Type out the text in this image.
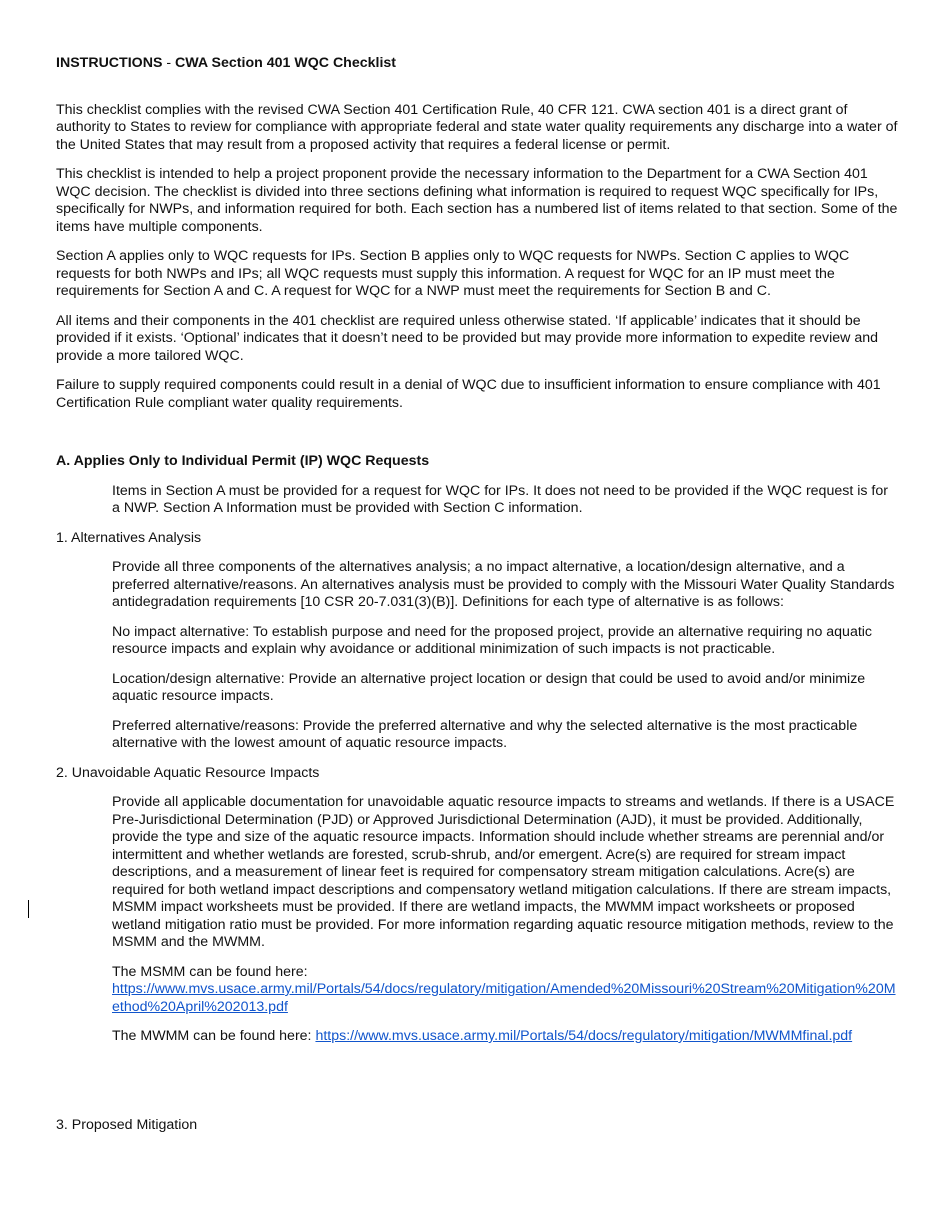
INSTRUCTIONS - CWA Section 401 WQC Checklist

This checklist complies with the revised CWA Section 401 Certification Rule, 40 CFR 121. CWA section 401 is a direct grant of authority to States to review for compliance with appropriate federal and state water quality requirements any discharge into a water of the United States that may result from a proposed activity that requires a federal license or permit.

This checklist is intended to help a project proponent provide the necessary information to the Department for a CWA Section 401 WQC decision. The checklist is divided into three sections defining what information is required to request WQC specifically for IPs, specifically for NWPs, and information required for both. Each section has a numbered list of items related to that section. Some of the items have multiple components.

Section A applies only to WQC requests for IPs. Section B applies only to WQC requests for NWPs. Section C applies to WQC requests for both NWPs and IPs; all WQC requests must supply this information. A request for WQC for an IP must meet the requirements for Section A and C. A request for WQC for a NWP must meet the requirements for Section B and C.

All items and their components in the 401 checklist are required unless otherwise stated. ‘If applicable’ indicates that it should be provided if it exists. ‘Optional’ indicates that it doesn’t need to be provided but may provide more information to expedite review and provide a more tailored WQC.

Failure to supply required components could result in a denial of WQC due to insufficient information to ensure compliance with 401 Certification Rule compliant water quality requirements.

A. Applies Only to Individual Permit (IP) WQC Requests

Items in Section A must be provided for a request for WQC for IPs. It does not need to be provided if the WQC request is for a NWP. Section A Information must be provided with Section C information.

1. Alternatives Analysis

Provide all three components of the alternatives analysis; a no impact alternative, a location/design alternative, and a preferred alternative/reasons. An alternatives analysis must be provided to comply with the Missouri Water Quality Standards antidegradation requirements [10 CSR 20-7.031(3)(B)]. Definitions for each type of alternative is as follows:

No impact alternative: To establish purpose and need for the proposed project, provide an alternative requiring no aquatic resource impacts and explain why avoidance or additional minimization of such impacts is not practicable.

Location/design alternative: Provide an alternative project location or design that could be used to avoid and/or minimize aquatic resource impacts.

Preferred alternative/reasons: Provide the preferred alternative and why the selected alternative is the most practicable alternative with the lowest amount of aquatic resource impacts.

2. Unavoidable Aquatic Resource Impacts

Provide all applicable documentation for unavoidable aquatic resource impacts to streams and wetlands. If there is a USACE Pre-Jurisdictional Determination (PJD) or Approved Jurisdictional Determination (AJD), it must be provided. Additionally, provide the type and size of the aquatic resource impacts. Information should include whether streams are perennial and/or intermittent and whether wetlands are forested, scrub-shrub, and/or emergent. Acre(s) are required for stream impact descriptions, and a measurement of linear feet is required for compensatory stream mitigation calculations. Acre(s) are required for both wetland impact descriptions and compensatory wetland mitigation calculations. If there are stream impacts, MSMM impact worksheets must be provided. If there are wetland impacts, the MWMM impact worksheets or proposed wetland mitigation ratio must be provided. For more information regarding aquatic resource mitigation methods, review to the MSMM and the MWMM.

The MSMM can be found here:
https://www.mvs.usace.army.mil/Portals/54/docs/regulatory/mitigation/Amended%20Missouri%20Stream%20Mitigation%20Method%20April%202013.pdf

The MWMM can be found here: https://www.mvs.usace.army.mil/Portals/54/docs/regulatory/mitigation/MWMMfinal.pdf

3. Proposed Mitigation
